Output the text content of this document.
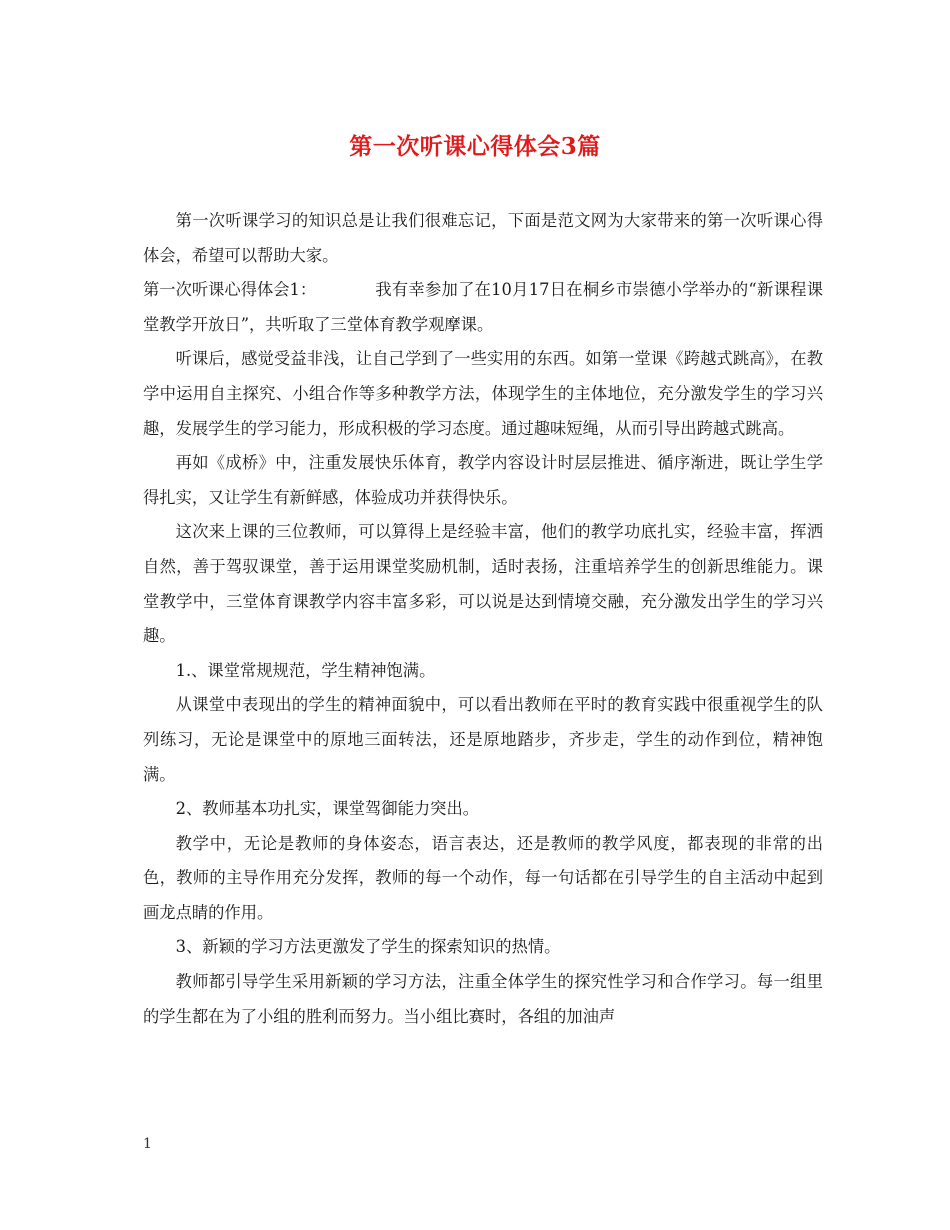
第一次听课心得体会3篇

第一次听课学习的知识总是让我们很难忘记，下面是范文网为大家带来的第一次听课心得体会，希望可以帮助大家。

第一次听课心得体会1：	我有幸参加了在10月17日在桐乡市崇德小学举办的“新课程课堂教学开放日”，共听取了三堂体育教学观摩课。

听课后，感觉受益非浅，让自己学到了一些实用的东西。如第一堂课《跨越式跳高》，在教学中运用自主探究、小组合作等多种教学方法，体现学生的主体地位，充分激发学生的学习兴趣，发展学生的学习能力，形成积极的学习态度。通过趣味短绳，从而引导出跨越式跳高。

再如《成桥》中，注重发展快乐体育，教学内容设计时层层推进、循序渐进，既让学生学得扎实，又让学生有新鲜感，体验成功并获得快乐。

这次来上课的三位教师，可以算得上是经验丰富，他们的教学功底扎实，经验丰富，挥洒自然，善于驾驭课堂，善于运用课堂奖励机制，适时表扬，注重培养学生的创新思维能力。课堂教学中，三堂体育课教学内容丰富多彩，可以说是达到情境交融，充分激发出学生的学习兴趣。

1.、课堂常规规范，学生精神饱满。

从课堂中表现出的学生的精神面貌中，可以看出教师在平时的教育实践中很重视学生的队列练习，无论是课堂中的原地三面转法，还是原地踏步，齐步走，学生的动作到位，精神饱满。

2、教师基本功扎实，课堂驾御能力突出。

教学中，无论是教师的身体姿态，语言表达，还是教师的教学风度，都表现的非常的出色，教师的主导作用充分发挥，教师的每一个动作，每一句话都在引导学生的自主活动中起到画龙点睛的作用。

3、新颖的学习方法更激发了学生的探索知识的热情。

教师都引导学生采用新颖的学习方法，注重全体学生的探究性学习和合作学习。每一组里的学生都在为了小组的胜利而努力。当小组比赛时，各组的加油声

1
